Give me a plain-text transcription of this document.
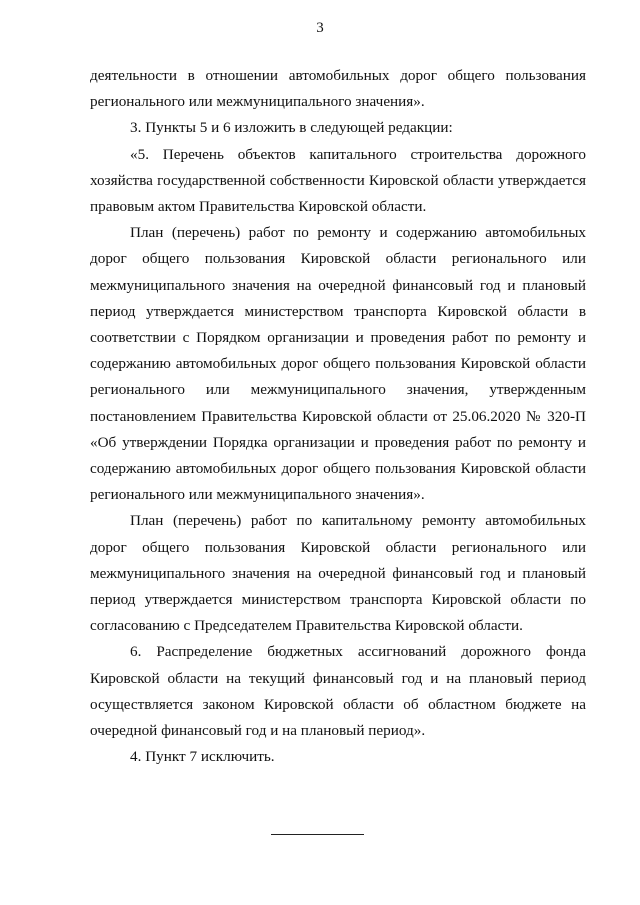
3

деятельности в отношении автомобильных дорог общего пользования регионального или межмуниципального значения».

3. Пункты 5 и 6 изложить в следующей редакции:

«5. Перечень объектов капитального строительства дорожного хозяйства государственной собственности Кировской области утверждается правовым актом Правительства Кировской области.

План (перечень) работ по ремонту и содержанию автомобильных дорог общего пользования Кировской области регионального или межмуниципального значения на очередной финансовый год и плановый период утверждается министерством транспорта Кировской области в соответствии с Порядком организации и проведения работ по ремонту и содержанию автомобильных дорог общего пользования Кировской области регионального или межмуниципального значения, утвержденным постановлением Правительства Кировской области от 25.06.2020 № 320-П «Об утверждении Порядка организации и проведения работ по ремонту и содержанию автомобильных дорог общего пользования Кировской области регионального или межмуниципального значения».

План (перечень) работ по капитальному ремонту автомобильных дорог общего пользования Кировской области регионального или межмуниципального значения на очередной финансовый год и плановый период утверждается министерством транспорта Кировской области по согласованию с Председателем Правительства Кировской области.

6. Распределение бюджетных ассигнований дорожного фонда Кировской области на текущий финансовый год и на плановый период осуществляется законом Кировской области об областном бюджете на очередной финансовый год и на плановый период».

4. Пункт 7 исключить.
